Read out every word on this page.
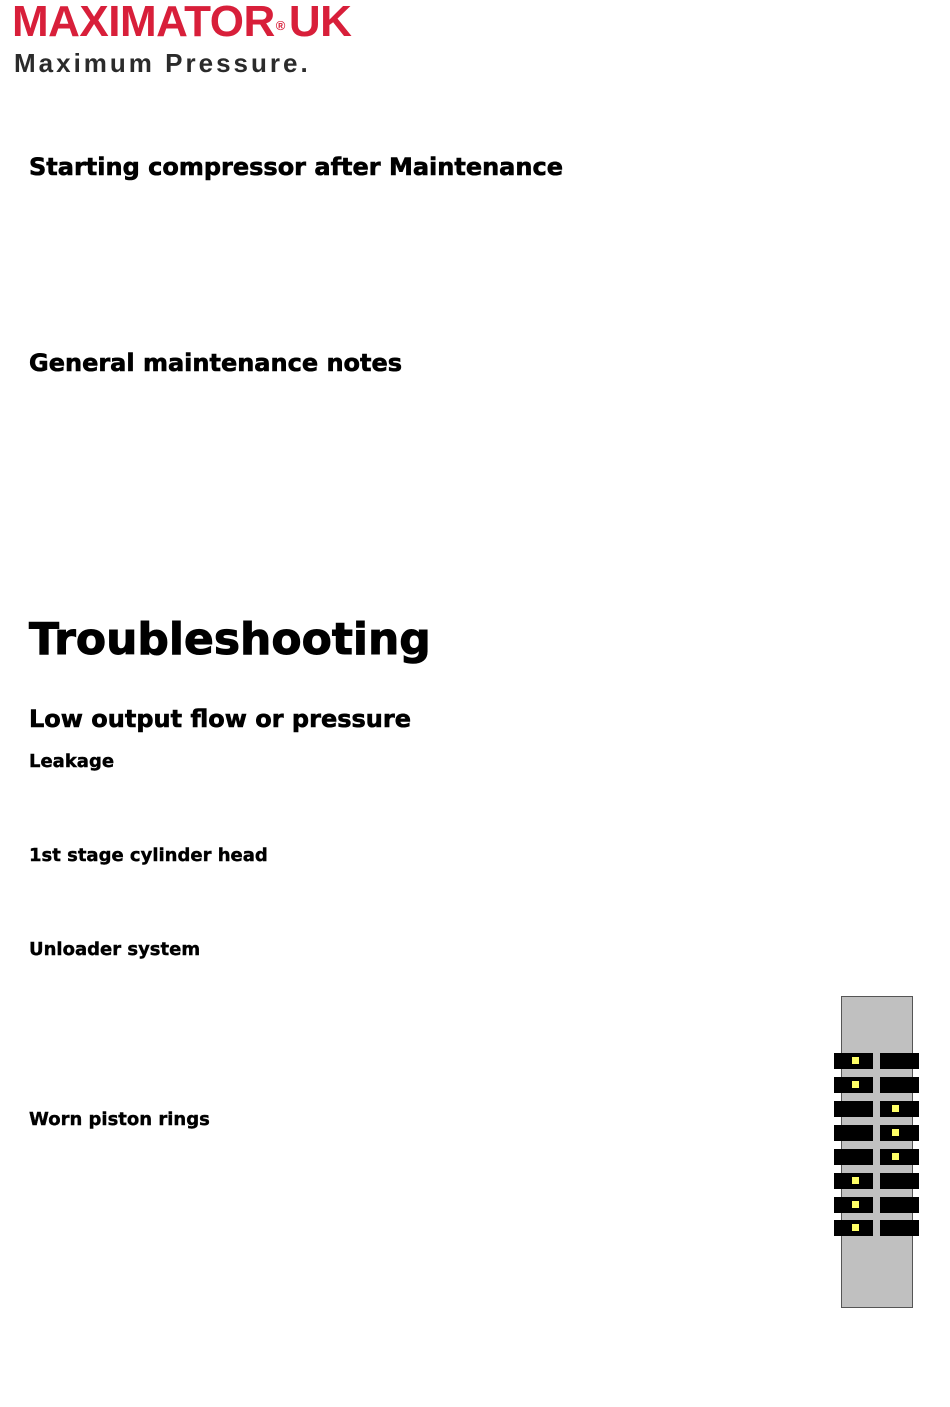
MAXIMATOR®UK
Maximum Pressure.
Starting compressor after Maintenance
General maintenance notes
Troubleshooting
Low output flow or pressure
Leakage
1st stage cylinder head
Unloader system
Worn piston rings
